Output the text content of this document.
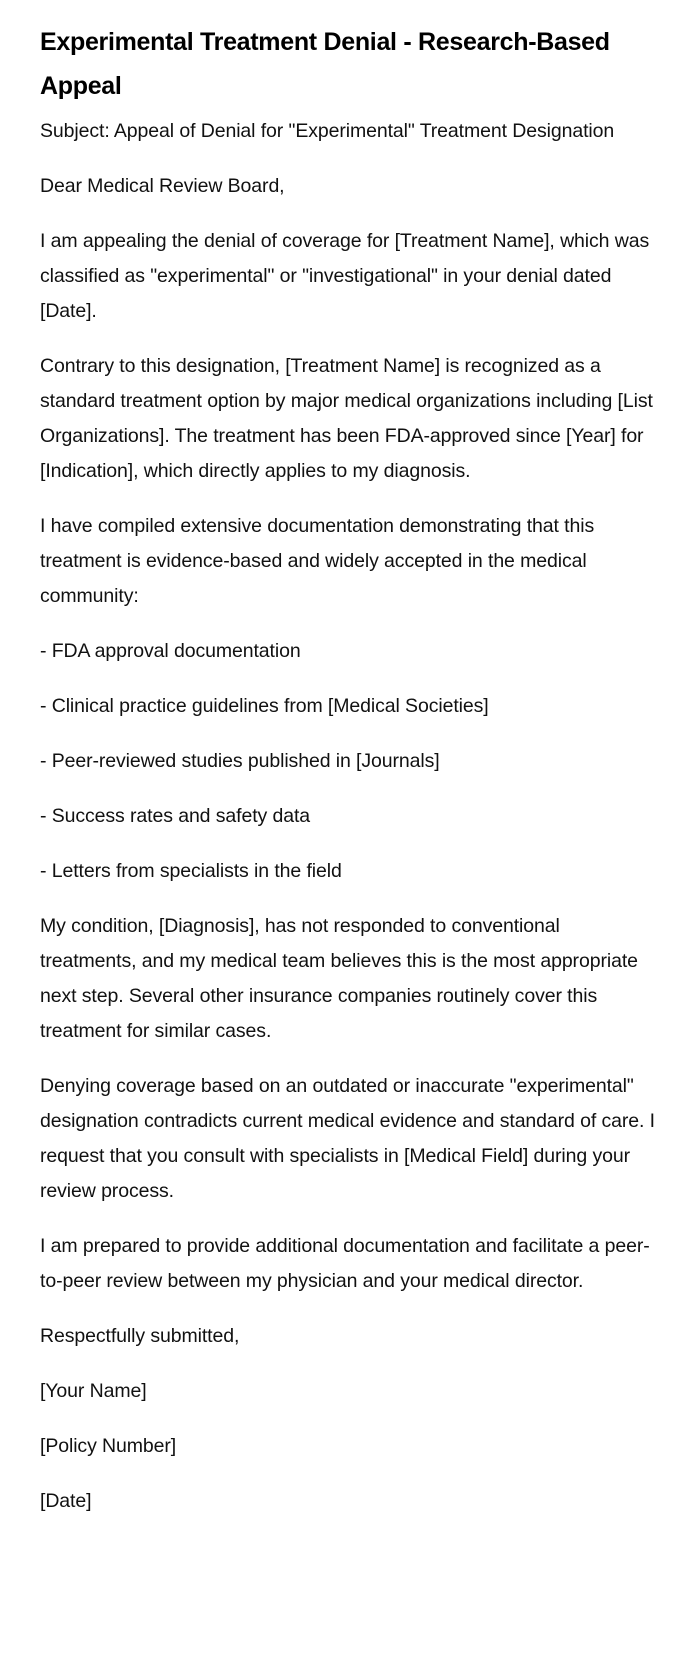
Experimental Treatment Denial - Research-Based Appeal

Subject: Appeal of Denial for "Experimental" Treatment Designation

Dear Medical Review Board,

I am appealing the denial of coverage for [Treatment Name], which was classified as "experimental" or "investigational" in your denial dated [Date].

Contrary to this designation, [Treatment Name] is recognized as a standard treatment option by major medical organizations including [List Organizations]. The treatment has been FDA-approved since [Year] for [Indication], which directly applies to my diagnosis.

I have compiled extensive documentation demonstrating that this treatment is evidence-based and widely accepted in the medical community:

- FDA approval documentation

- Clinical practice guidelines from [Medical Societies]

- Peer-reviewed studies published in [Journals]

- Success rates and safety data

- Letters from specialists in the field

My condition, [Diagnosis], has not responded to conventional treatments, and my medical team believes this is the most appropriate next step. Several other insurance companies routinely cover this treatment for similar cases.

Denying coverage based on an outdated or inaccurate "experimental" designation contradicts current medical evidence and standard of care. I request that you consult with specialists in [Medical Field] during your review process.

I am prepared to provide additional documentation and facilitate a peer-to-peer review between my physician and your medical director.

Respectfully submitted,

[Your Name]

[Policy Number]

[Date]
